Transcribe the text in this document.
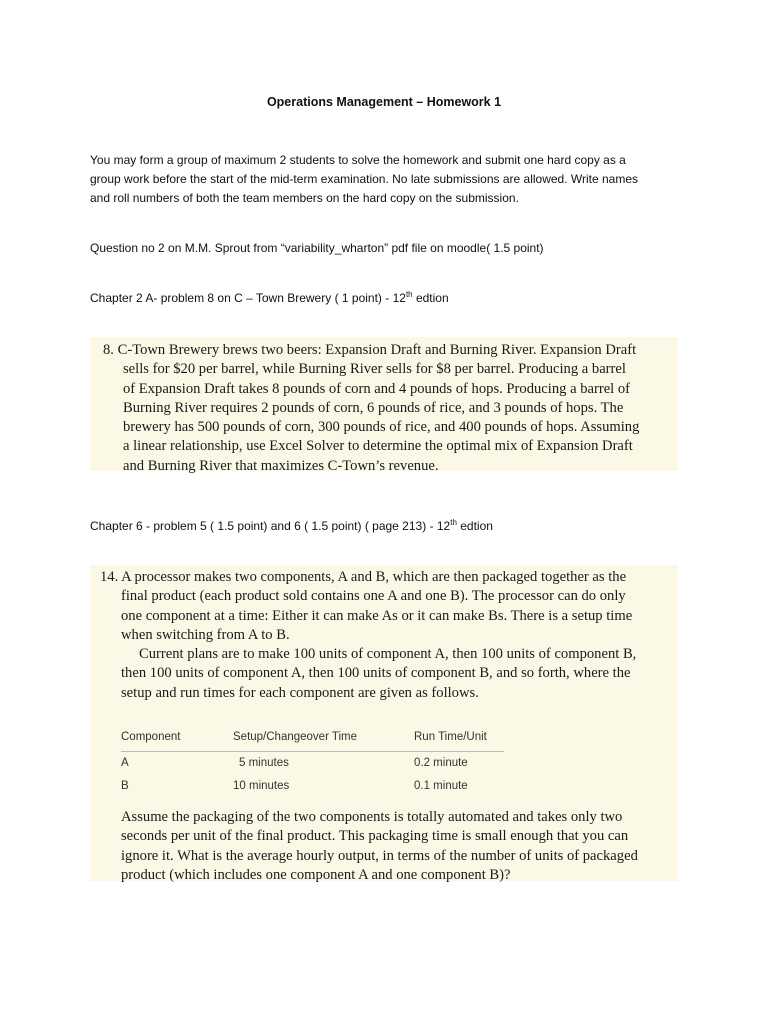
Operations Management – Homework 1
You may form a group of maximum 2 students to solve the homework and submit one hard copy as a
group work before the start of the mid-term examination. No late submissions are allowed. Write names
and roll numbers of both the team members on the hard copy on the submission.
Question no 2 on M.M. Sprout from “variability_wharton” pdf file on moodle( 1.5 point)
Chapter 2 A- problem 8 on C – Town Brewery ( 1 point) - 12th edtion
8. C-Town Brewery brews two beers: Expansion Draft and Burning River. Expansion Draft
sells for $20 per barrel, while Burning River sells for $8 per barrel. Producing a barrel
of Expansion Draft takes 8 pounds of corn and 4 pounds of hops. Producing a barrel of
Burning River requires 2 pounds of corn, 6 pounds of rice, and 3 pounds of hops. The
brewery has 500 pounds of corn, 300 pounds of rice, and 400 pounds of hops. Assuming
a linear relationship, use Excel Solver to determine the optimal mix of Expansion Draft
and Burning River that maximizes C-Town’s revenue.
Chapter 6 - problem 5 ( 1.5 point) and 6 ( 1.5 point) ( page 213) - 12th edtion
14. A processor makes two components, A and B, which are then packaged together as the
final product (each product sold contains one A and one B). The processor can do only
one component at a time: Either it can make As or it can make Bs. There is a setup time
when switching from A to B.
Current plans are to make 100 units of component A, then 100 units of component B,
then 100 units of component A, then 100 units of component B, and so forth, where the
setup and run times for each component are given as follows.
Component	Setup/Changeover Time	Run Time/Unit
A	5 minutes	0.2 minute
B	10 minutes	0.1 minute
Assume the packaging of the two components is totally automated and takes only two
seconds per unit of the final product. This packaging time is small enough that you can
ignore it. What is the average hourly output, in terms of the number of units of packaged
product (which includes one component A and one component B)?
